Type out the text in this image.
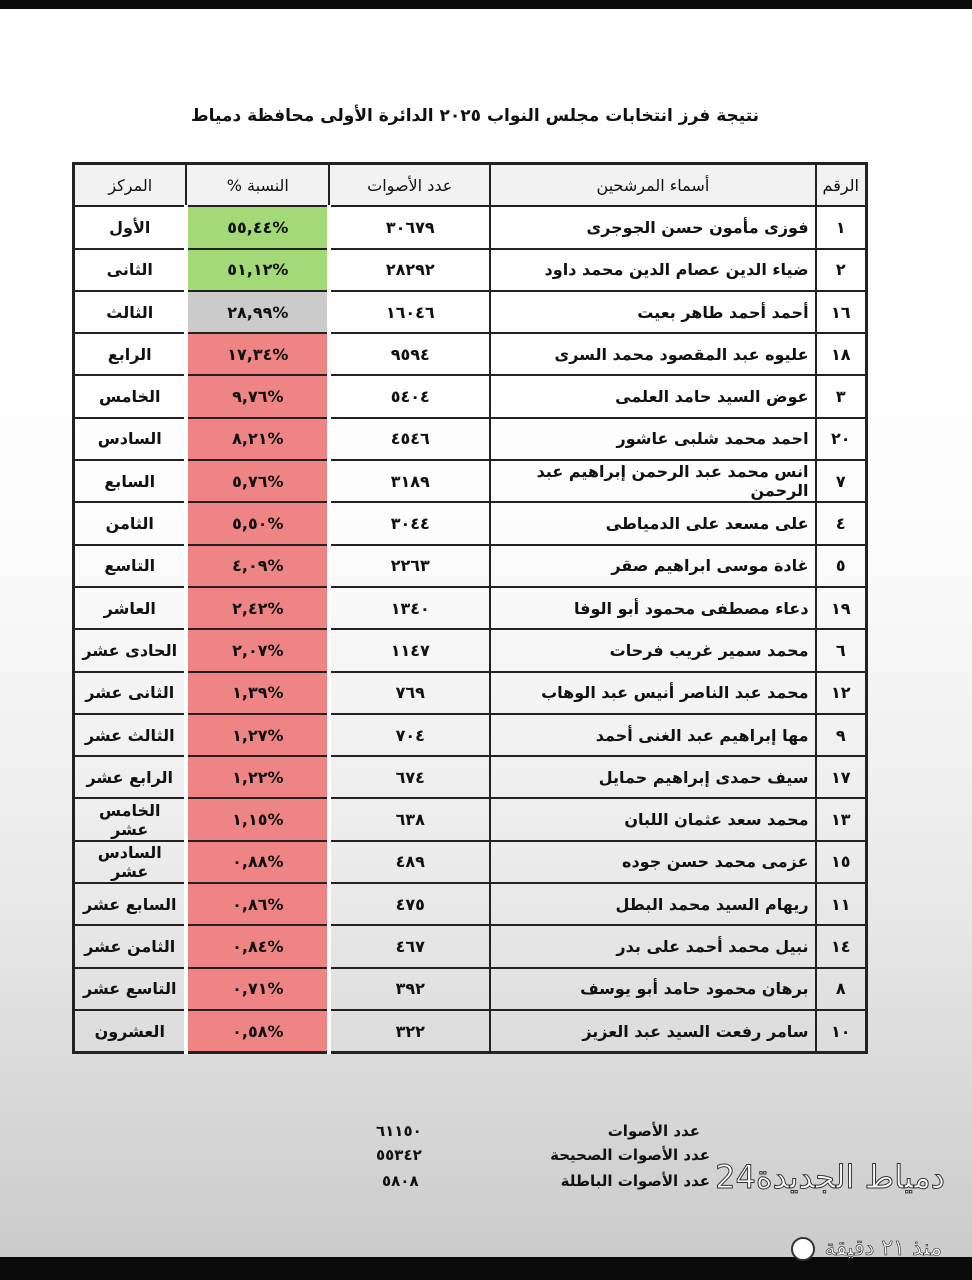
نتيجة فرز انتخابات مجلس النواب ٢٠٢٥ الدائرة الأولى محافظة دمياط
الرقم	أسماء المرشحين	عدد الأصوات	النسبة %	المركز
١	فوزى مأمون حسن الجوجرى	٣٠٦٧٩	%٥٥,٤٤	الأول
٢	ضياء الدين عصام الدين محمد داود	٢٨٢٩٢	%٥١,١٢	الثانى
١٦	أحمد أحمد طاهر بعيت	١٦٠٤٦	%٢٨,٩٩	الثالث
١٨	عليوه عبد المقصود محمد السرى	٩٥٩٤	%١٧,٣٤	الرابع
٣	عوض السيد حامد العلمى	٥٤٠٤	%٩,٧٦	الخامس
٢٠	احمد محمد شلبى عاشور	٤٥٤٦	%٨,٢١	السادس
٧	انس محمد عبد الرحمن إبراهيم عبد الرحمن	٣١٨٩	%٥,٧٦	السابع
٤	على مسعد على الدمياطى	٣٠٤٤	%٥,٥٠	الثامن
٥	غادة موسى ابراهيم صقر	٢٢٦٣	%٤,٠٩	التاسع
١٩	دعاء مصطفى محمود أبو الوفا	١٣٤٠	%٢,٤٢	العاشر
٦	محمد سمير غريب فرحات	١١٤٧	%٢,٠٧	الحادى عشر
١٢	محمد عبد الناصر أنيس عبد الوهاب	٧٦٩	%١,٣٩	الثانى عشر
٩	مها إبراهيم عبد الغنى أحمد	٧٠٤	%١,٢٧	الثالث عشر
١٧	سيف حمدى إبراهيم حمايل	٦٧٤	%١,٢٢	الرابع عشر
١٣	محمد سعد عثمان اللبان	٦٣٨	%١,١٥	الخامس عشر
١٥	عزمى محمد حسن جوده	٤٨٩	%٠,٨٨	السادس عشر
١١	ريهام السيد محمد البطل	٤٧٥	%٠,٨٦	السابع عشر
١٤	نبيل محمد أحمد على بدر	٤٦٧	%٠,٨٤	الثامن عشر
٨	برهان محمود حامد أبو يوسف	٣٩٢	%٠,٧١	التاسع عشر
١٠	سامر رفعت السيد عبد العزيز	٣٢٢	%٠,٥٨	العشرون
عدد الأصوات
٦١١٥٠
عدد الأصوات الصحيحة
٥٥٣٤٢
عدد الأصوات الباطلة
٥٨٠٨	دمياط الجديدة24
منذ ٢١ دقيقة
